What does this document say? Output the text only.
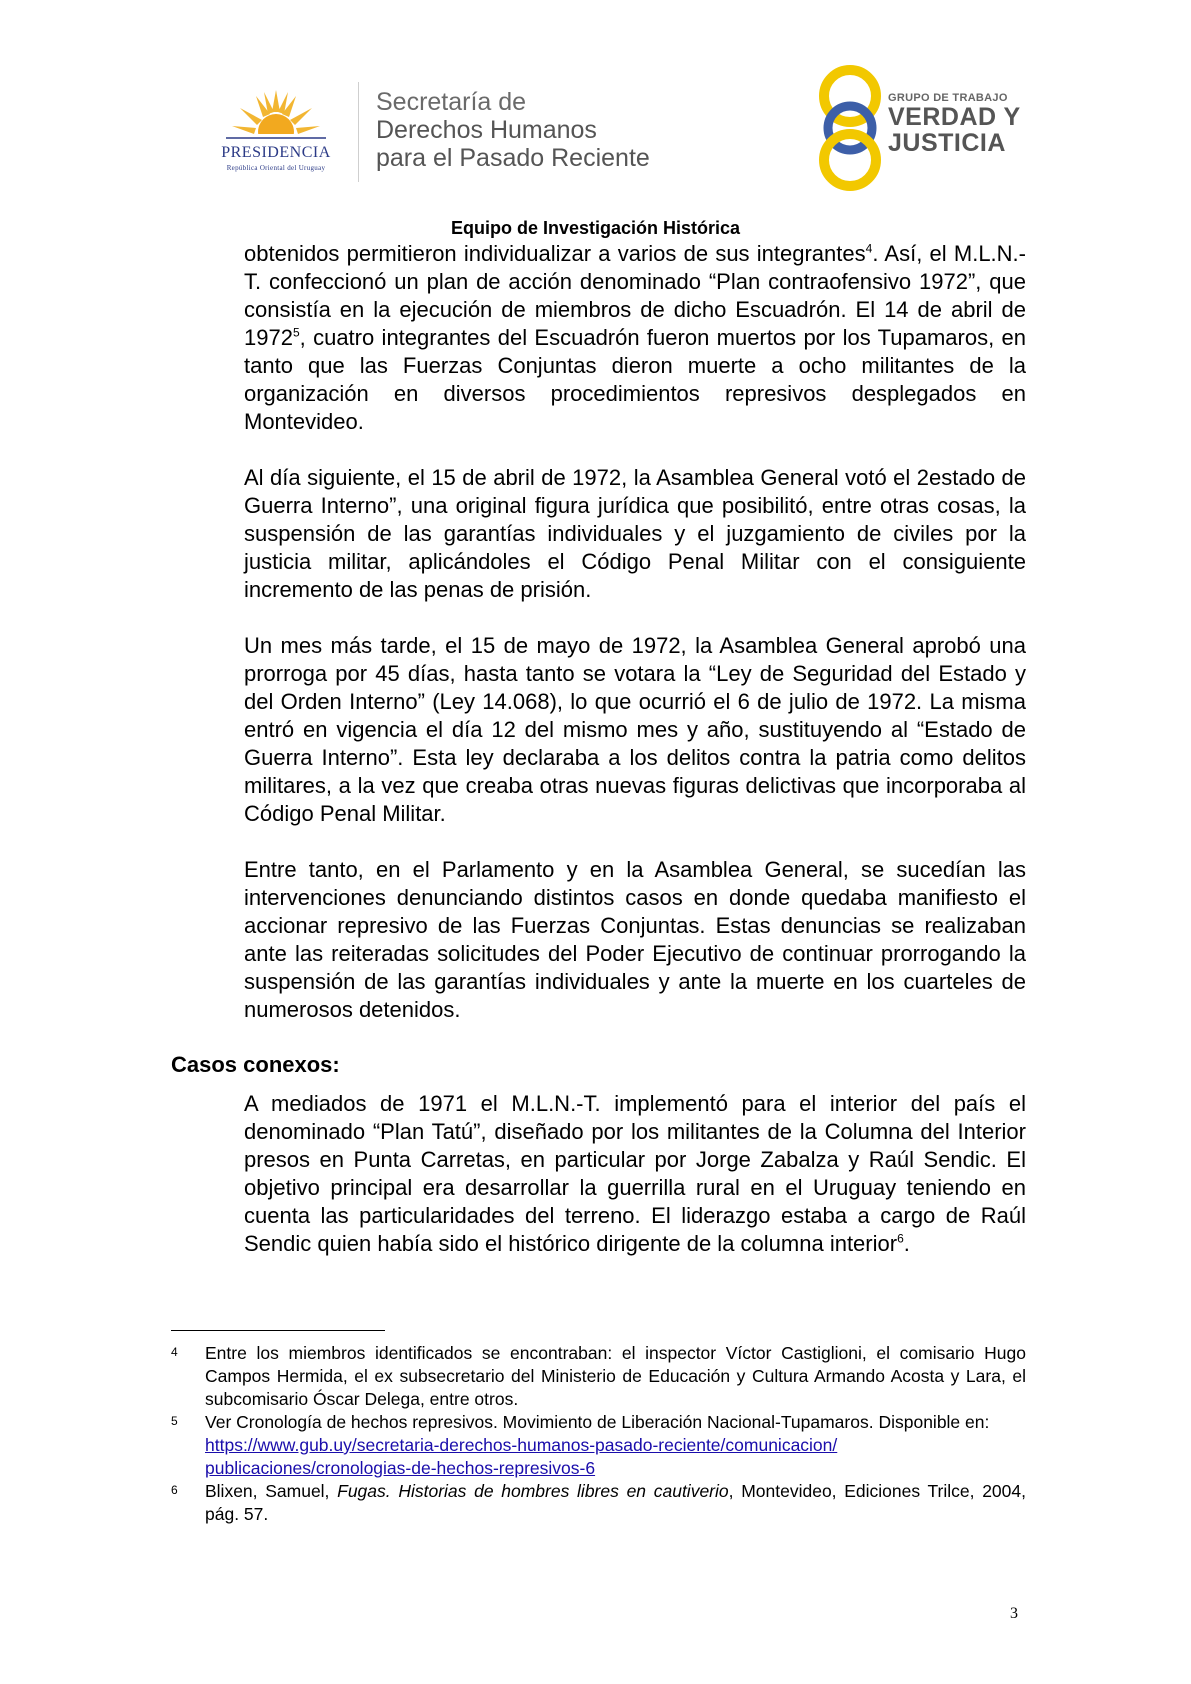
PRESIDENCIA
República Oriental del Uruguay
Secretaría de
Derechos Humanos
para el Pasado Reciente
GRUPO DE TRABAJO
VERDAD Y
JUSTICIA
Equipo de Investigación Histórica

obtenidos permitieron individualizar a varios de sus integrantes$^4$. Así, el M.L.N.-T. confeccionó un plan de acción denominado “Plan contraofensivo 1972”, que consistía en la ejecución de miembros de dicho Escuadrón. El 14 de abril de 1972$^5$, cuatro integrantes del Escuadrón fueron muertos por los Tupamaros, en tanto que las Fuerzas Conjuntas dieron muerte a ocho militantes de la organización en diversos procedimientos represivos desplegados en Montevideo.

Al día siguiente, el 15 de abril de 1972, la Asamblea General votó el 2estado de Guerra Interno”, una original figura jurídica que posibilitó, entre otras cosas, la suspensión de las garantías individuales y el juzgamiento de civiles por la justicia militar, aplicándoles el Código Penal Militar con el consiguiente incremento de las penas de prisión.

Un mes más tarde, el 15 de mayo de 1972, la Asamblea General aprobó una prorroga por 45 días, hasta tanto se votara la “Ley de Seguridad del Estado y del Orden Interno” (Ley 14.068), lo que ocurrió el 6 de julio de 1972. La misma entró en vigencia el día 12 del mismo mes y año, sustituyendo al “Estado de Guerra Interno”. Esta ley declaraba a los delitos contra la patria como delitos militares, a la vez que creaba otras nuevas figuras delictivas que incorporaba al Código Penal Militar.

Entre tanto, en el Parlamento y en la Asamblea General, se sucedían las intervenciones denunciando distintos casos en donde quedaba manifiesto el accionar represivo de las Fuerzas Conjuntas. Estas denuncias se realizaban ante las reiteradas solicitudes del Poder Ejecutivo de continuar prorrogando la suspensión de las garantías individuales y ante la muerte en los cuarteles de numerosos detenidos.

Casos conexos:

A mediados de 1971 el M.L.N.-T. implementó para el interior del país el denominado “Plan Tatú”, diseñado por los militantes de la Columna del Interior presos en Punta Carretas, en particular por Jorge Zabalza y Raúl Sendic. El objetivo principal era desarrollar la guerrilla rural en el Uruguay teniendo en cuenta las particularidades del terreno. El liderazgo estaba a cargo de Raúl Sendic quien había sido el histórico dirigente de la columna interior$^6$.

4	Entre los miembros identificados se encontraban: el inspector Víctor Castiglioni, el comisario Hugo Campos Hermida, el ex subsecretario del Ministerio de Educación y Cultura Armando Acosta y Lara, el subcomisario Óscar Delega, entre otros.
5	Ver Cronología de hechos represivos. Movimiento de Liberación Nacional-Tupamaros. Disponible en:
https://www.gub.uy/secretaria-derechos-humanos-pasado-reciente/comunicacion/
publicaciones/cronologias-de-hechos-represivos-6
6	Blixen, Samuel, Fugas. Historias de hombres libres en cautiverio, Montevideo, Ediciones Trilce, 2004, pág. 57.
3
